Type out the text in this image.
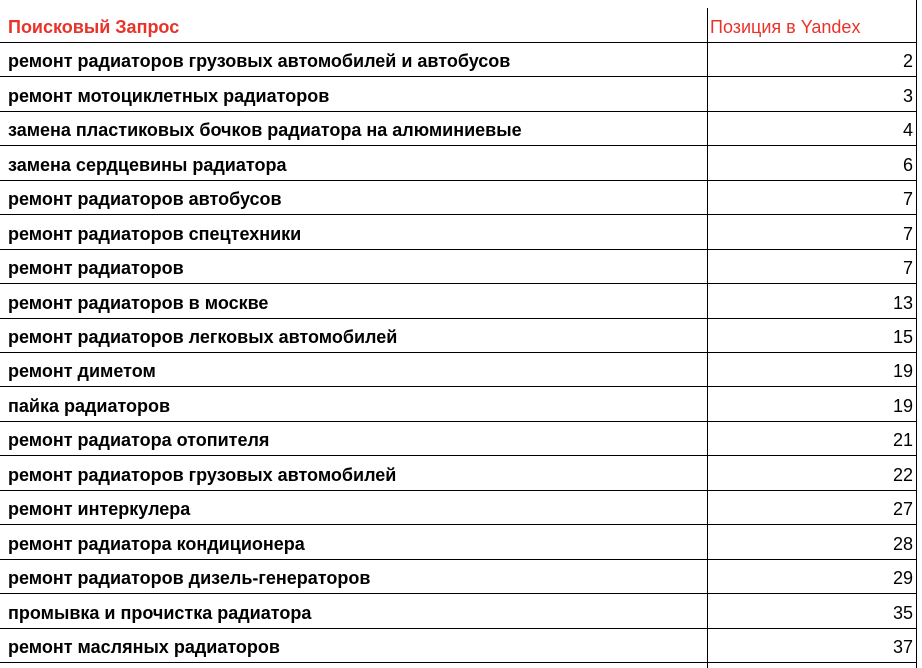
Поисковый Запрос	Позиция в Yandex
ремонт радиаторов грузовых автомобилей и автобусов	2
ремонт мотоциклетных радиаторов	3
замена пластиковых бочков радиатора на алюминиевые	4
замена сердцевины радиатора	6
ремонт радиаторов автобусов	7
ремонт радиаторов спецтехники	7
ремонт радиаторов	7
ремонт радиаторов в москве	13
ремонт радиаторов легковых автомобилей	15
ремонт диметом	19
пайка радиаторов	19
ремонт радиатора отопителя	21
ремонт радиаторов грузовых автомобилей	22
ремонт интеркулера	27
ремонт радиатора кондиционера	28
ремонт радиаторов дизель-генераторов	29
промывка и прочистка радиатора	35
ремонт масляных радиаторов	37
